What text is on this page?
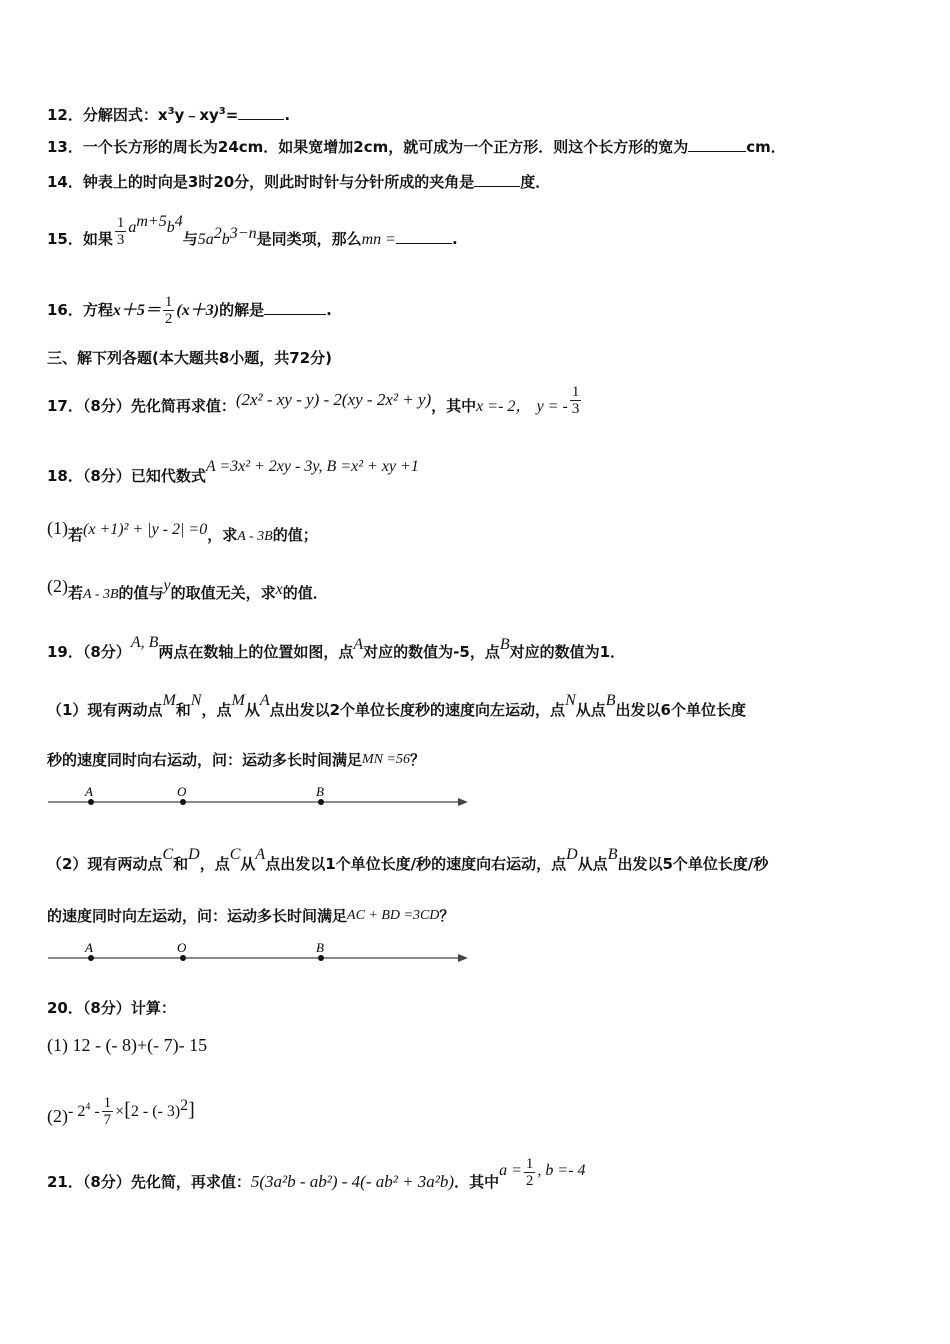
12．分解因式：$x^3y﹣xy^3=$	.
13．一个长方形的周长为24cm．如果宽增加2cm，就可成为一个正方形．则这个长方形的宽为	cm．
14．钟表上的时向是3时20分，则此时时针与分针所成的夹角是	度．
15．如果 $\frac{1}{3} a^{m+5}b^4$与$5a^2b^{3-n}$是同类项，那么mn =	.
16．方程$x+5= \frac{1}{2} (x+3)$的解是	.
三、解下列各题(本大题共8小题，共72分)
17．（8分）先化简再求值：(2x² - xy - y) - 2(xy - 2x² + y)，其中x =- 2， y = - $\frac{1}{3}$
18．（8分）已知代数式A =3x² + 2xy - 3y, B =x² + xy +1
(1)若(x +1)² + |y - 2| =0，求A - 3B的值；
(2)若A - 3B的值与y的取值无关，求x的值．
19．（8分）A, B两点在数轴上的位置如图，点A对应的数值为-5，点B对应的数值为1．
（1）现有两动点M和N，点M从A点出发以2个单位长度秒的速度向左运动，点N从点B出发以6个单位长度
秒的速度同时向右运动，问：运动多长时间满足MN =56？
A	O	B
（2）现有两动点C和D，点C从A点出发以1个单位长度/秒的速度向右运动，点D从点B出发以5个单位长度/秒
的速度同时向左运动，问：运动多长时间满足AC + BD =3CD？
A	O	B
20．（8分）计算：
(1) 12 - (- 8)+(- 7)- 15
(2)- $2^4 - \frac{1}{7} \times[2$ - (- 3)$^2$]
21．（8分）先化简，再求值：5(3a²b - ab²) - 4(- ab² + 3a²b)．其中$a = \frac{1}{2}$ , b =- 4
